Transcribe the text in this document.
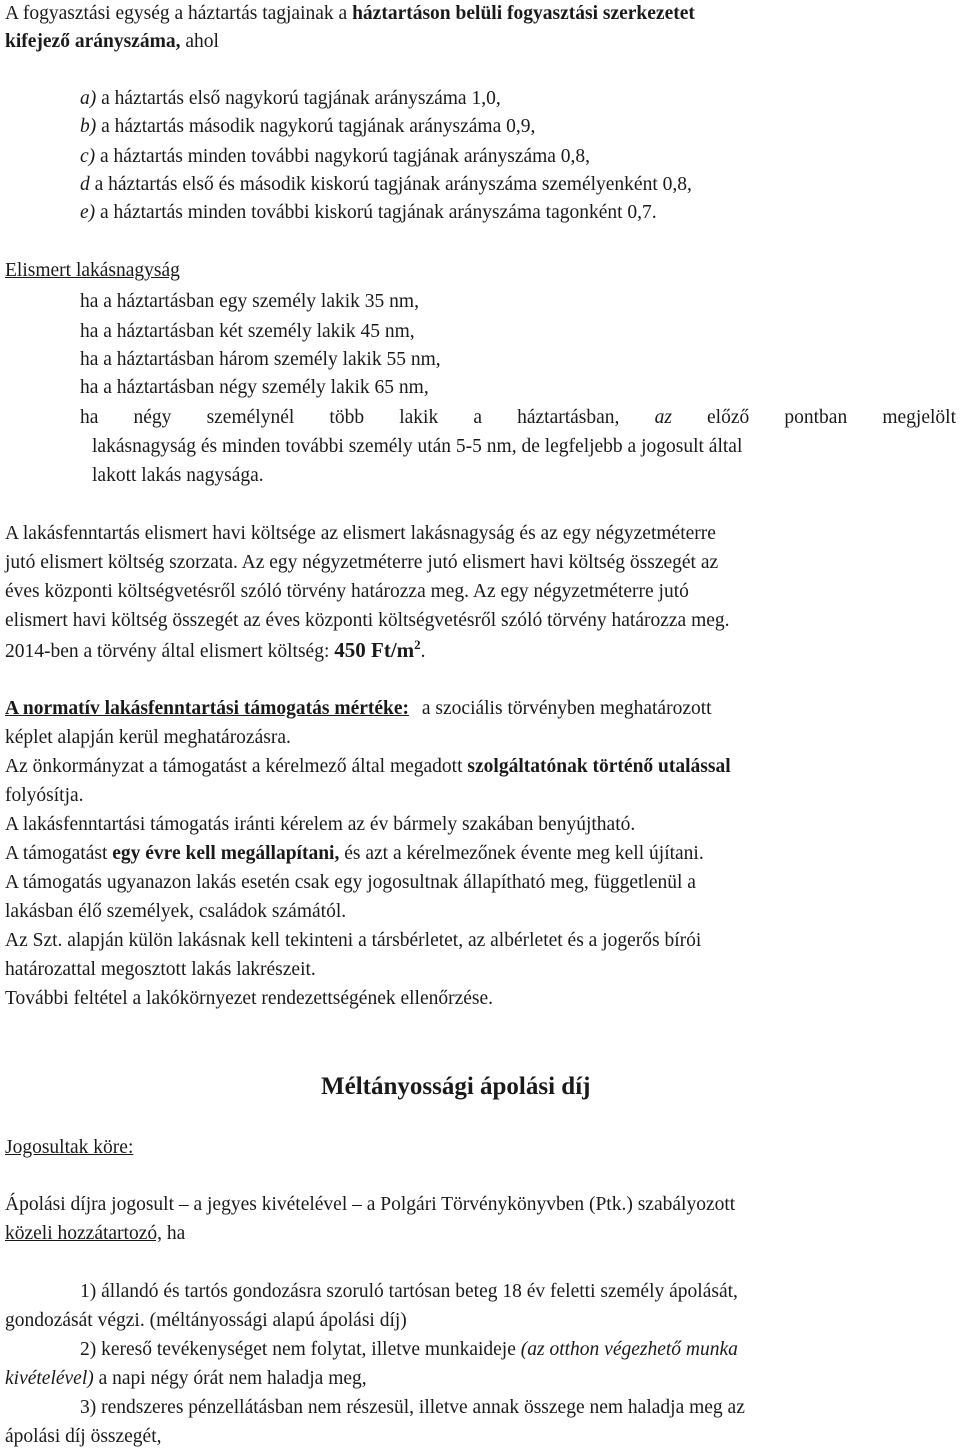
A fogyasztási egység a háztartás tagjainak a háztartáson belüli fogyasztási szerkezetet
kifejező arányszáma, ahol
a) a háztartás első nagykorú tagjának arányszáma 1,0,
b) a háztartás második nagykorú tagjának arányszáma 0,9,
c) a háztartás minden további nagykorú tagjának arányszáma 0,8,
d a háztartás első és második kiskorú tagjának arányszáma személyenként 0,8,
e) a háztartás minden további kiskorú tagjának arányszáma tagonként 0,7.
Elismert lakásnagyság
ha a háztartásban egy személy lakik 35 nm,
ha a háztartásban két személy lakik 45 nm,
ha a háztartásban három személy lakik 55 nm,
ha a háztartásban négy személy lakik 65 nm,
ha négy személynél több lakik a háztartásban, az előző pontban megjelölt
lakásnagyság és minden további személy után 5-5 nm, de legfeljebb a jogosult által
lakott lakás nagysága.
A lakásfenntartás elismert havi költsége az elismert lakásnagyság és az egy négyzetméterre
jutó elismert költség szorzata. Az egy négyzetméterre jutó elismert havi költség összegét az
éves központi költségvetésről szóló törvény határozza meg. Az egy négyzetméterre jutó
elismert havi költség összegét az éves központi költségvetésről szóló törvény határozza meg.
2014-ben a törvény által elismert költség: 450 $Ft/m^2$.
A normatív lakásfenntartási támogatás mértéke: a szociális törvényben meghatározott
képlet alapján kerül meghatározásra.
Az önkormányzat a támogatást a kérelmező által megadott szolgáltatónak történő utalással
folyósítja.
A lakásfenntartási támogatás iránti kérelem az év bármely szakában benyújtható.
A támogatást egy évre kell megállapítani, és azt a kérelmezőnek évente meg kell újítani.
A támogatás ugyanazon lakás esetén csak egy jogosultnak állapítható meg, függetlenül a
lakásban élő személyek, családok számától.
Az Szt. alapján külön lakásnak kell tekinteni a társbérletet, az albérletet és a jogerős bírói
határozattal megosztott lakás lakrészeit.
További feltétel a lakókörnyezet rendezettségének ellenőrzése.
Méltányossági ápolási díj
Jogosultak köre:
Ápolási díjra jogosult – a jegyes kivételével – a Polgári Törvénykönyvben (Ptk.) szabályozott
közeli hozzátartozó, ha
1) állandó és tartós gondozásra szoruló tartósan beteg 18 év feletti személy ápolását,
gondozását végzi. (méltányossági alapú ápolási díj)
2) kereső tevékenységet nem folytat, illetve munkaideje (az otthon végezhető munka
kivételével) a napi négy órát nem haladja meg,
3) rendszeres pénzellátásban nem részesül, illetve annak összege nem haladja meg az
ápolási díj összegét,
